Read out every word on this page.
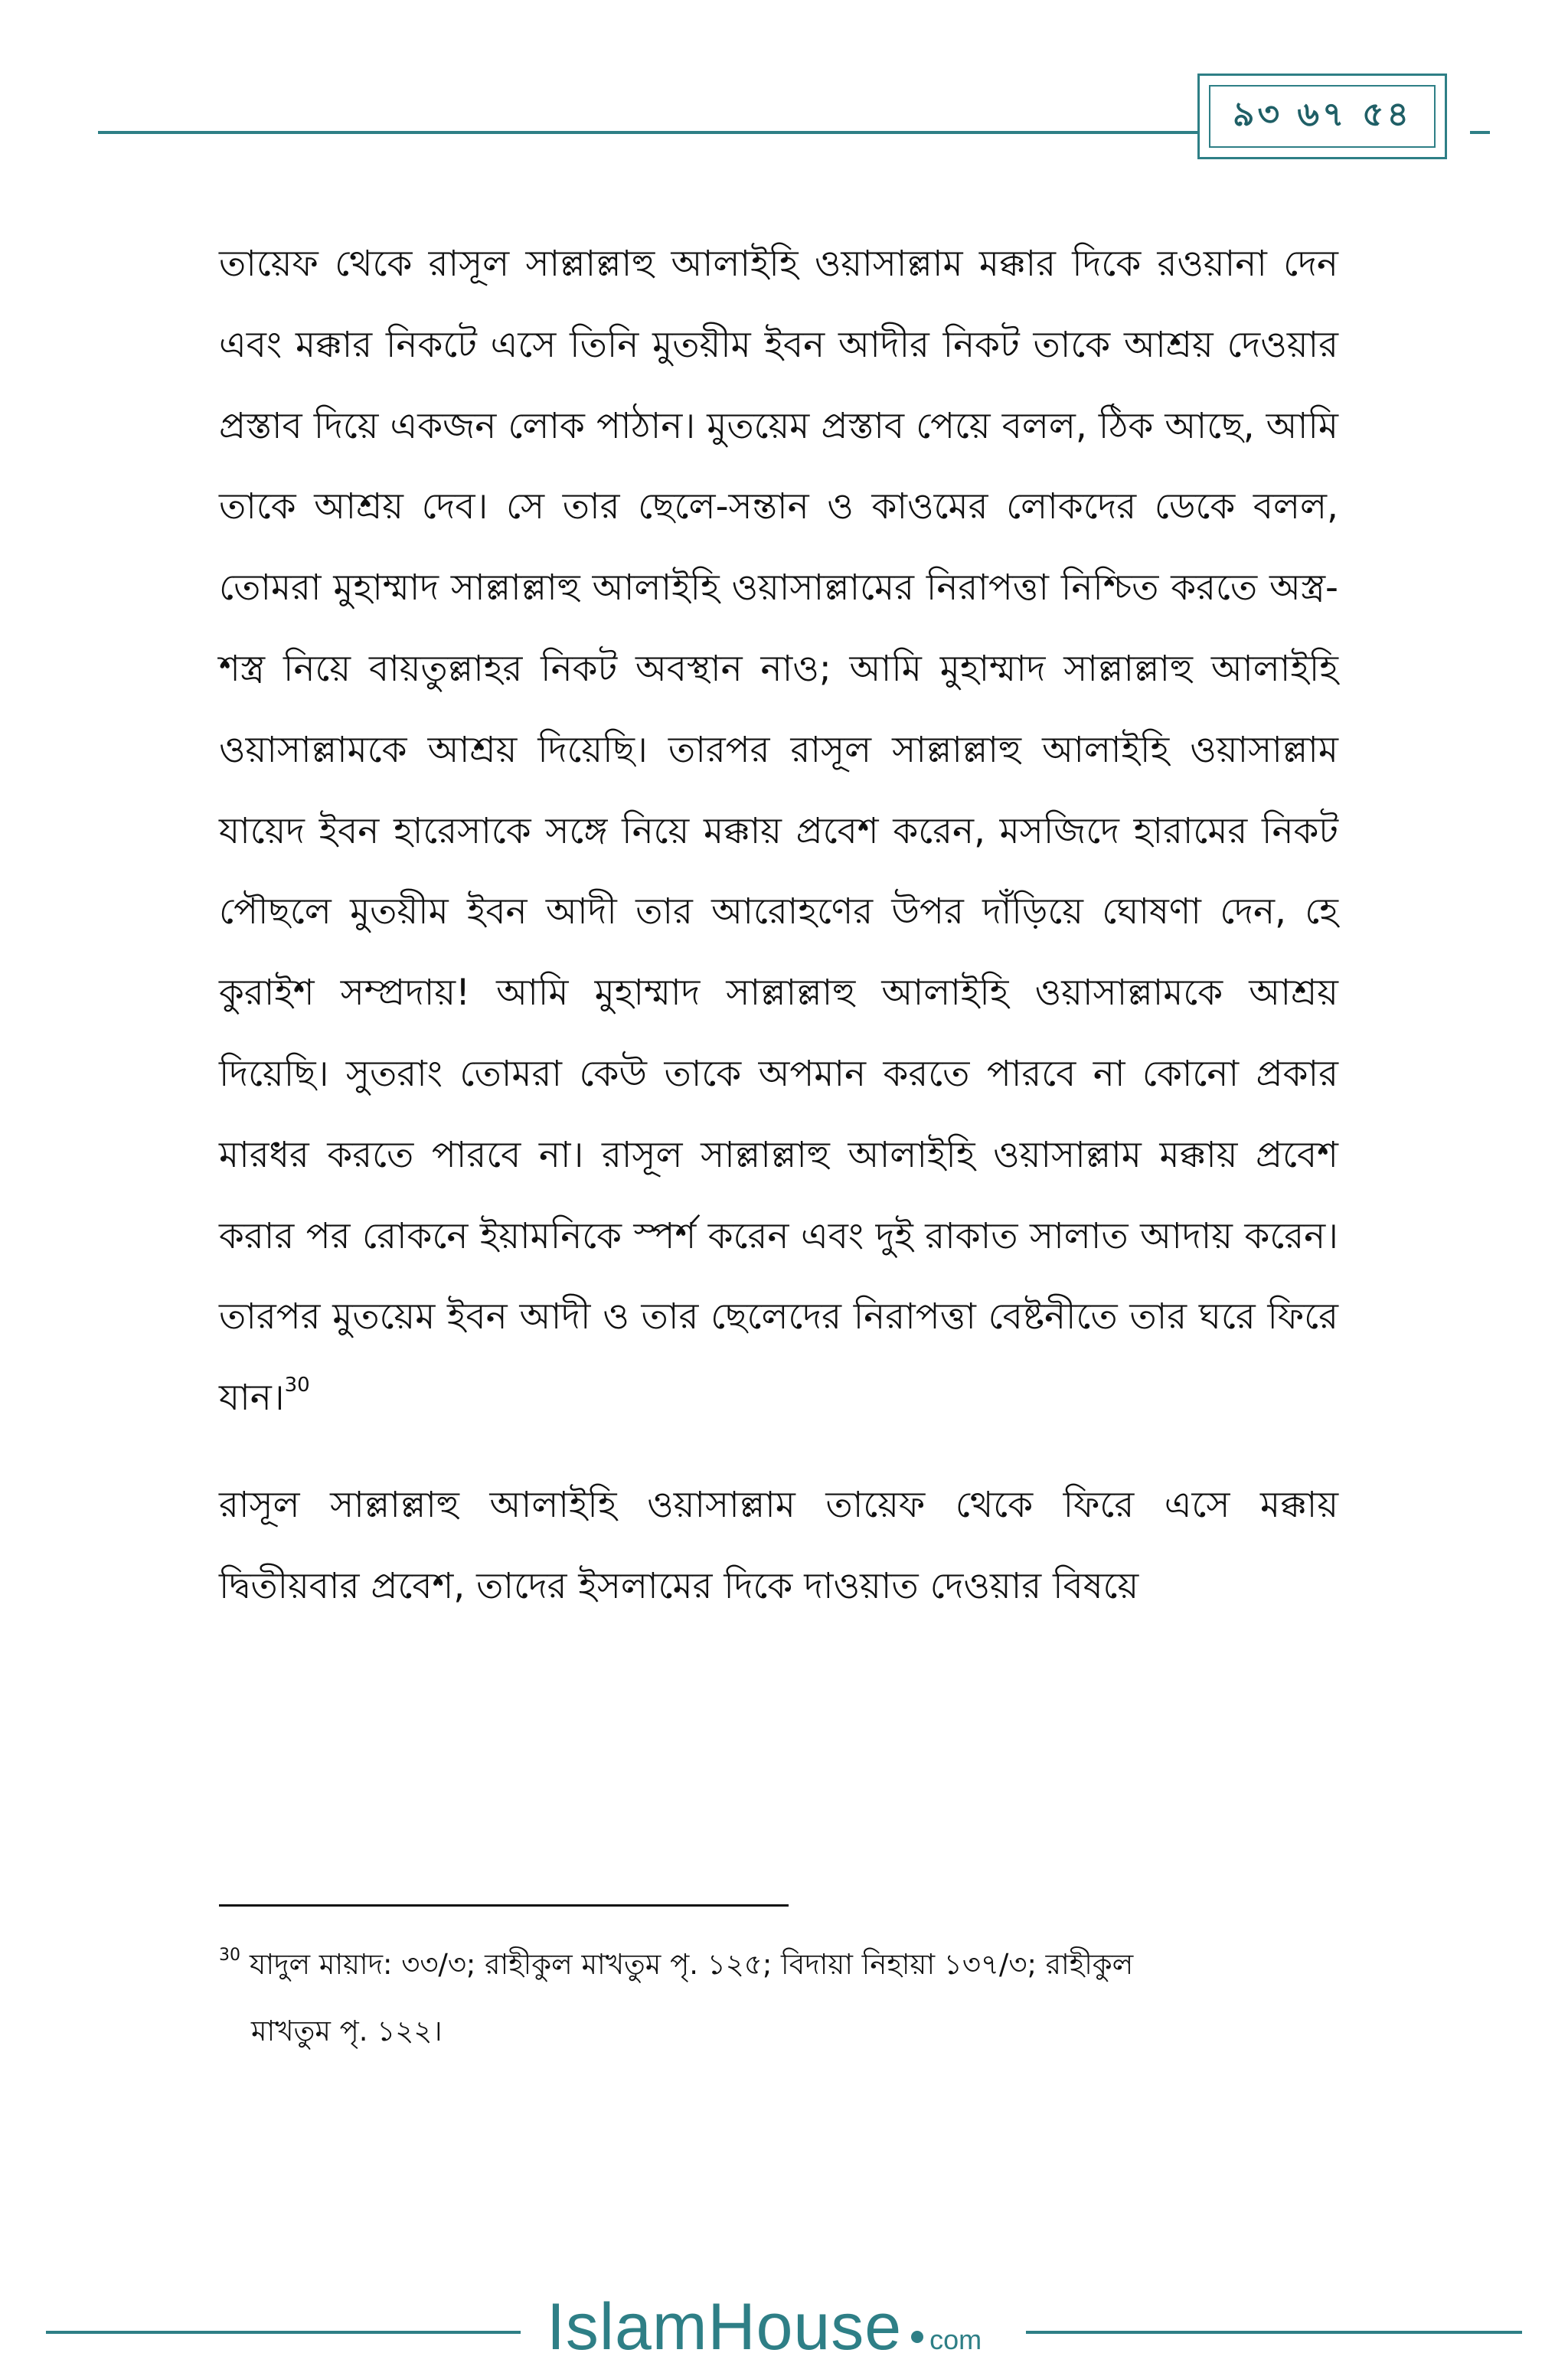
৯৩ ৬৭ ৫৪

তায়েফ থেকে রাসূল সাল্লাল্লাহু আলাইহি ওয়াসাল্লাম মক্কার দিকে রওয়ানা দেন এবং মক্কার নিকটে এসে তিনি মুতয়ীম ইবন আদীর নিকট তাকে আশ্রয় দেওয়ার প্রস্তাব দিয়ে একজন লোক পাঠান। মুতয়েম প্রস্তাব পেয়ে বলল, ঠিক আছে, আমি তাকে আশ্রয় দেব। সে তার ছেলে-সন্তান ও কাওমের লোকদের ডেকে বলল, তোমরা মুহাম্মাদ সাল্লাল্লাহু আলাইহি ওয়াসাল্লামের নিরাপত্তা নিশ্চিত করতে অস্ত্র-শস্ত্র নিয়ে বায়তুল্লাহর নিকট অবস্থান নাও; আমি মুহাম্মাদ সাল্লাল্লাহু আলাইহি ওয়াসাল্লামকে আশ্রয় দিয়েছি। তারপর রাসূল সাল্লাল্লাহু আলাইহি ওয়াসাল্লাম যায়েদ ইবন হারেসাকে সঙ্গে নিয়ে মক্কায় প্রবেশ করেন, মসজিদে হারামের নিকট পৌছলে মুতয়ীম ইবন আদী তার আরোহণের উপর দাঁড়িয়ে ঘোষণা দেন, হে কুরাইশ সম্প্রদায়! আমি মুহাম্মাদ সাল্লাল্লাহু আলাইহি ওয়াসাল্লামকে আশ্রয় দিয়েছি। সুতরাং তোমরা কেউ তাকে অপমান করতে পারবে না কোনো প্রকার মারধর করতে পারবে না। রাসূল সাল্লাল্লাহু আলাইহি ওয়াসাল্লাম মক্কায় প্রবেশ করার পর রোকনে ইয়ামনিকে স্পর্শ করেন এবং দুই রাকাত সালাত আদায় করেন। তারপর মুতয়েম ইবন আদী ও তার ছেলেদের নিরাপত্তা বেষ্টনীতে তার ঘরে ফিরে যান।$^{30}$

রাসূল সাল্লাল্লাহু আলাইহি ওয়াসাল্লাম তায়েফ থেকে ফিরে এসে মক্কায় দ্বিতীয়বার প্রবেশ, তাদের ইসলামের দিকে দাওয়াত দেওয়ার বিষয়ে

$^{30}$ যাদুল মায়াদ: ৩৩/৩; রাহীকুল মাখতুম পৃ. ১২৫; বিদায়া নিহায়া ১৩৭/৩; রাহীকুল
মাখতুম পৃ. ১২২।
IslamHouse com
